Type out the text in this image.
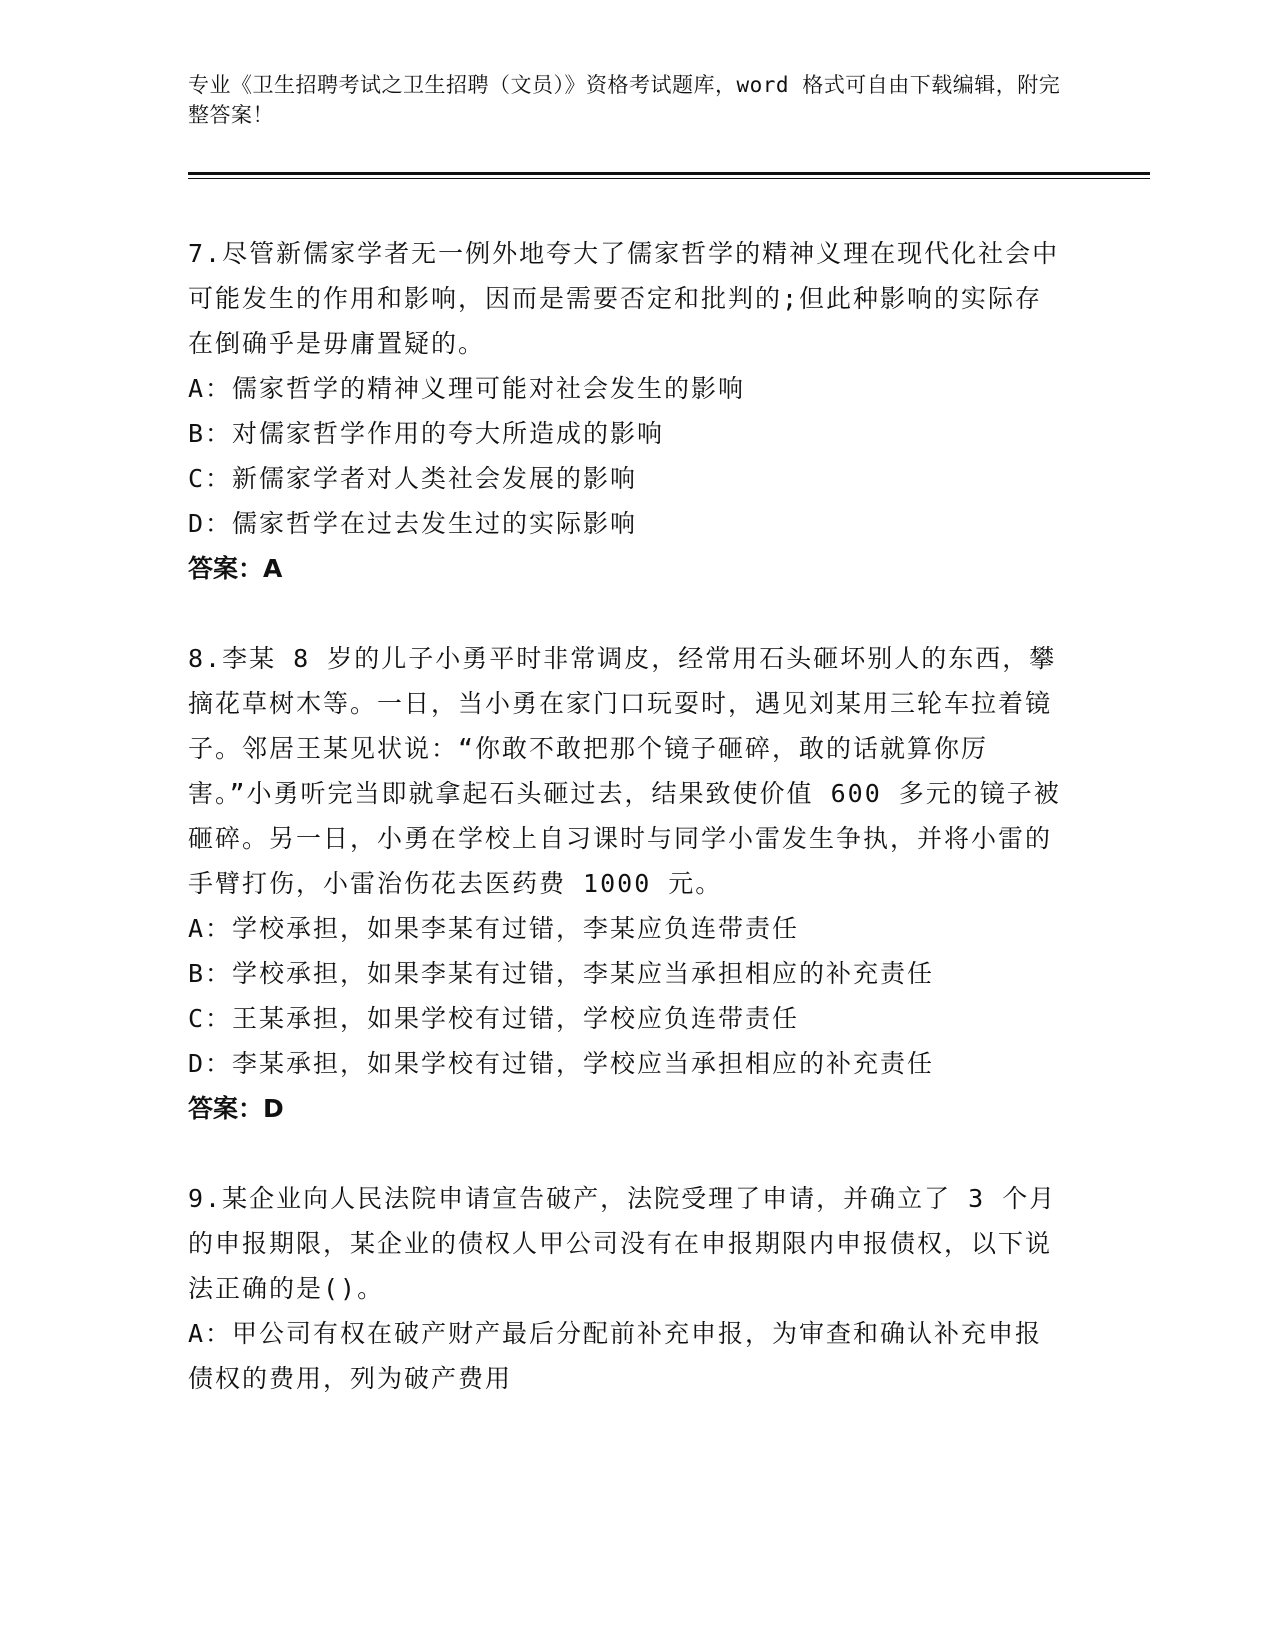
专业《卫生招聘考试之卫生招聘（文员）》资格考试题库，word 格式可自由下载编辑，附完整答案！

7.尽管新儒家学者无一例外地夸大了儒家哲学的精神义理在现代化社会中可能发生的作用和影响，因而是需要否定和批判的;但此种影响的实际存在倒确乎是毋庸置疑的。

A：儒家哲学的精神义理可能对社会发生的影响

B：对儒家哲学作用的夸大所造成的影响

C：新儒家学者对人类社会发展的影响

D：儒家哲学在过去发生过的实际影响

答案：A

8.李某 8 岁的儿子小勇平时非常调皮，经常用石头砸坏别人的东西，攀摘花草树木等。一日，当小勇在家门口玩耍时，遇见刘某用三轮车拉着镜子。邻居王某见状说：“你敢不敢把那个镜子砸碎，敢的话就算你厉害。”小勇听完当即就拿起石头砸过去，结果致使价值 600 多元的镜子被砸碎。另一日，小勇在学校上自习课时与同学小雷发生争执，并将小雷的手臂打伤，小雷治伤花去医药费 1000 元。

A：学校承担，如果李某有过错，李某应负连带责任

B：学校承担，如果李某有过错，李某应当承担相应的补充责任

C：王某承担，如果学校有过错，学校应负连带责任

D：李某承担，如果学校有过错，学校应当承担相应的补充责任

答案：D

9.某企业向人民法院申请宣告破产，法院受理了申请，并确立了 3 个月的申报期限，某企业的债权人甲公司没有在申报期限内申报债权，以下说法正确的是()。

A：甲公司有权在破产财产最后分配前补充申报，为审查和确认补充申报债权的费用，列为破产费用
